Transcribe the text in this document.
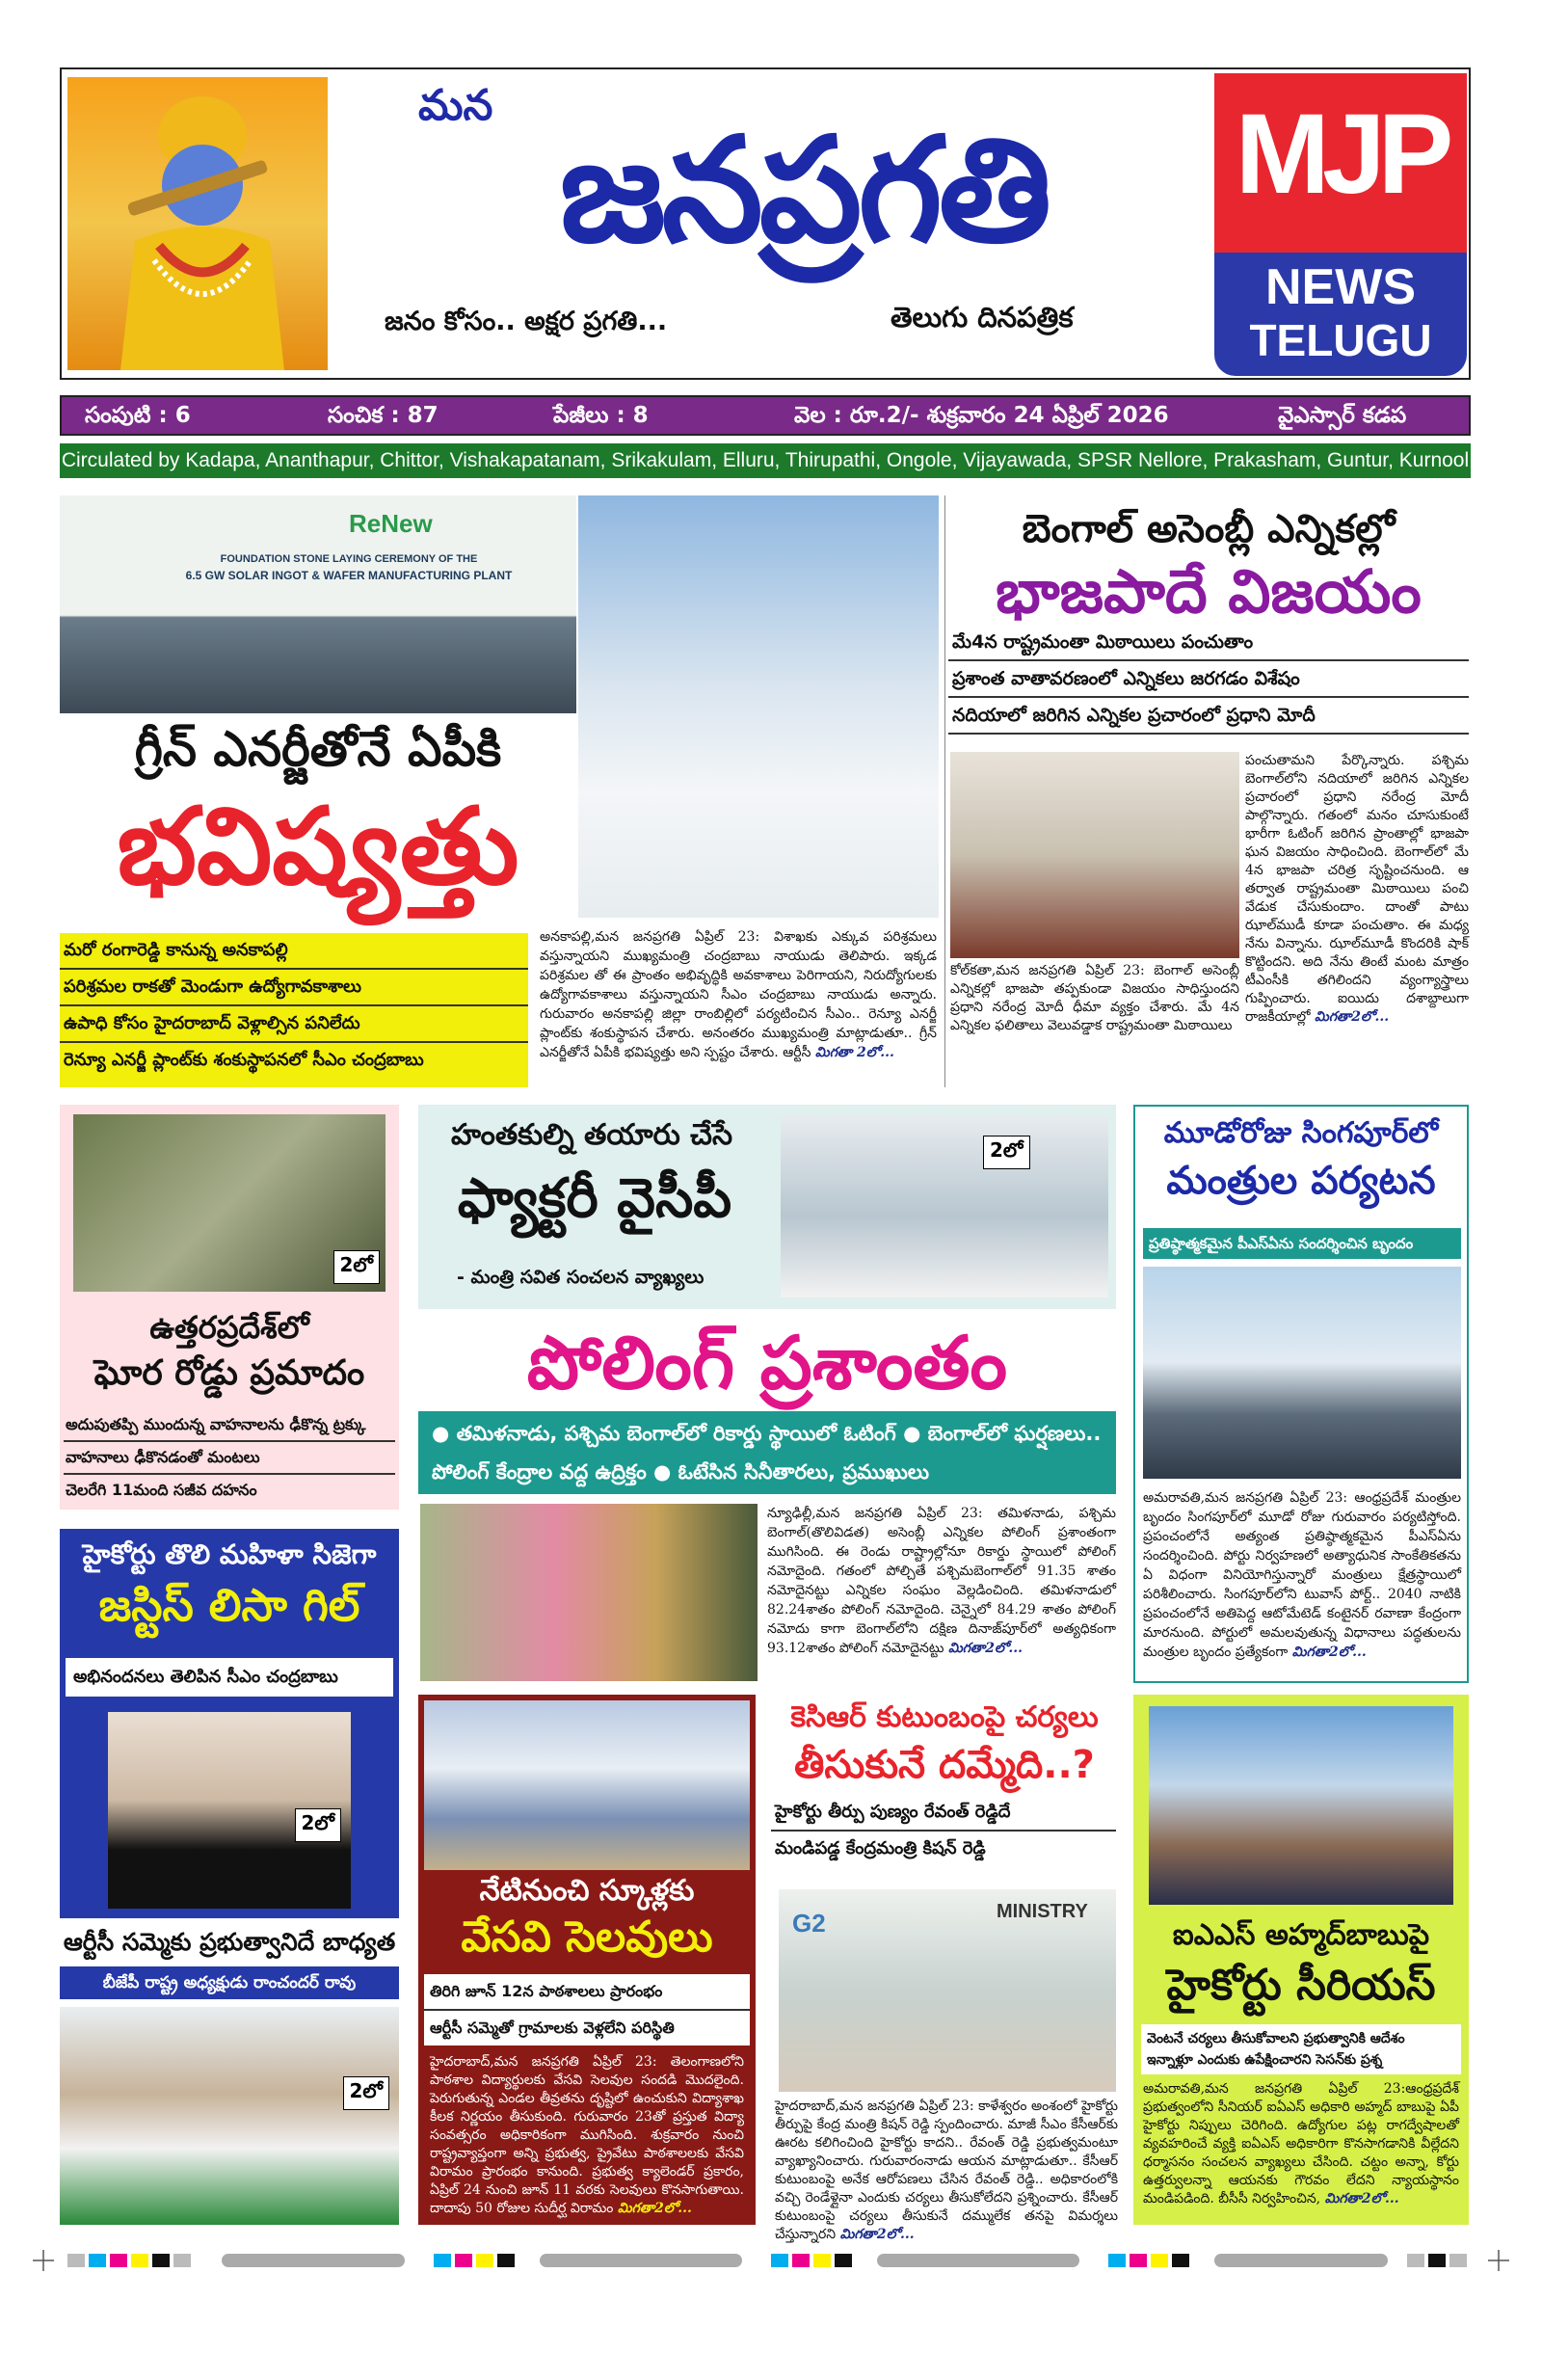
మన
జనప్రగతి
జనం కోసం.. అక్షర ప్రగతి...	తెలుగు దినపత్రిక
MJP
NEWS
TELUGU
సంపుటి : 6	సంచిక : 87	పేజీలు : 8	వెల : రూ.2/- శుక్రవారం 24 ఏప్రిల్ 2026	వైఎస్సార్ కడప
Circulated by Kadapa, Ananthapur, Chittor, Vishakapatanam, Srikakulam, Elluru, Thirupathi, Ongole, Vijayawada, SPSR Nellore, Prakasham, Guntur, Kurnool
ReNew
FOUNDATION STONE LAYING CEREMONY OF THE
6.5 GW SOLAR INGOT & WAFER MANUFACTURING PLANT
గ్రీన్ ఎనర్జీతోనే ఏపీకి
భవిష్యత్తు
మరో రంగారెడ్డి కానున్న అనకాపల్లి
పరిశ్రమల రాకతో మెండుగా ఉద్యోగావకాశాలు
ఉపాధి కోసం హైదరాబాద్ వెళ్లాల్సిన పనిలేదు
రెన్యూ ఎనర్జీ ప్లాంట్‌కు శంకుస్థాపనలో సీఎం చంద్రబాబు
అనకాపల్లి,మన జనప్రగతి ఏప్రిల్ 23: విశాఖకు ఎక్కువ పరిశ్రమలు వస్తున్నాయని ముఖ్యమంత్రి చంద్రబాబు నాయుడు తెలిపారు. ఇక్కడ పరిశ్రమల తో ఈ ప్రాంతం అభివృద్ధికి అవకాశాలు పెరిగాయని, నిరుద్యోగులకు ఉద్యోగావకాశాలు వస్తున్నాయని సీఎం చంద్రబాబు నాయుడు అన్నారు. గురువారం అనకాపల్లి జిల్లా రాంబిల్లిలో పర్యటించిన సీఎం.. రెన్యూ ఎనర్జీ ప్లాంట్‌కు శంకుస్థాపన చేశారు. అనంతరం ముఖ్యమంత్రి మాట్లాడుతూ.. గ్రీన్ ఎనర్జీతోనే ఏపీకి భవిష్యత్తు అని స్పష్టం చేశారు. ఆర్టీసీ మిగతా 2లో...
బెంగాల్ అసెంబ్లీ ఎన్నికల్లో
భాజపాదే విజయం
మే4న రాష్ట్రమంతా మిఠాయిలు పంచుతాం
ప్రశాంత వాతావరణంలో ఎన్నికలు జరగడం విశేషం
నదియాలో జరిగిన ఎన్నికల ప్రచారంలో ప్రధాని మోదీ
కోల్‌కతా,మన జనప్రగతి ఏప్రిల్ 23: బెంగాల్ అసెంబ్లీ ఎన్నికల్లో భాజపా తప్పకుండా విజయం సాధిస్తుందని ప్రధాని నరేంద్ర మోదీ ధీమా వ్యక్తం చేశారు. మే 4న ఎన్నికల ఫలితాలు వెలువడ్డాక రాష్ట్రమంతా మిఠాయిలు
పంచుతామని పేర్కొన్నారు. పశ్చిమ బెంగాల్‌లోని నదియాలో జరిగిన ఎన్నికల ప్రచారంలో ప్రధాని నరేంద్ర మోదీ పాల్గొన్నారు. గతంలో మనం చూసుకుంటే భారీగా ఓటింగ్ జరిగిన ప్రాంతాల్లో భాజపా ఘన విజయం సాధించింది. బెంగాల్‌లో మే 4న భాజపా చరిత్ర సృష్టించనుంది. ఆ తర్వాత రాష్ట్రమంతా మిఠాయిలు పంచి వేడుక చేసుకుందాం. దాంతో పాటు ఝాల్‌ముడీ కూడా పంచుతాం. ఈ మధ్య నేను విన్నాను. ఝాల్‌మూడీ కొందరికి షాక్ కొట్టిందని. అది నేను తింటే మంట మాత్రం టీఎంసీకి తగిలిందని వ్యంగ్యాస్త్రాలు గుప్పించారు. ఐయిదు దశాబ్దాలుగా రాజకీయాల్లో మిగతా2లో...
2లో
ఉత్తరప్రదేశ్‌లో
ఘోర రోడ్డు ప్రమాదం
అదుపుతప్పి ముందున్న వాహనాలను ఢీకొన్న ట్రక్కు
వాహనాలు ఢీకొనడంతో మంటలు
చెలరేగి 11మంది సజీవ దహనం
హంతకుల్ని తయారు చేసే
ఫ్యాక్టరీ వైసీపీ
- మంత్రి సవిత సంచలన వ్యాఖ్యలు
2లో
పోలింగ్ ప్రశాంతం
● తమిళనాడు, పశ్చిమ బెంగాల్‌లో రికార్డు స్థాయిలో ఓటింగ్ ● బెంగాల్‌లో ఘర్షణలు.. పోలింగ్ కేంద్రాల వద్ద ఉద్రిక్తం ● ఓటేసిన సినీతారలు, ప్రముఖులు
న్యూఢిల్లీ,మన జనప్రగతి ఏప్రిల్ 23: తమిళనాడు, పశ్చిమ బెంగాల్(తొలివిడత) అసెంబ్లీ ఎన్నికల పోలింగ్ ప్రశాంతంగా ముగిసింది. ఈ రెండు రాష్ట్రాల్లోనూ రికార్డు స్థాయిలో పోలింగ్ నమోదైంది. గతంలో పోల్చితే పశ్చిమబెంగాల్‌లో 91.35 శాతం నమోదైనట్టు ఎన్నికల సంఘం వెల్లడించింది. తమిళనాడులో 82.24శాతం పోలింగ్ నమోదైంది. చెన్నైలో 84.29 శాతం పోలింగ్ నమోదు కాగా బెంగాల్‌లోని దక్షిణ దినాజ్‌పూర్‌లో అత్యధికంగా 93.12శాతం పోలింగ్ నమోదైనట్టు మిగతా2లో...
మూడోరోజు సింగపూర్‌లో
మంత్రుల పర్యటన
ప్రతిష్ఠాత్మకమైన పీఎస్ఏను సందర్శించిన బృందం
అమరావతి,మన జనప్రగతి ఏప్రిల్ 23: ఆంధ్రప్రదేశ్ మంత్రుల బృందం సింగపూర్‌లో మూడో రోజు గురువారం పర్యటిస్తోంది. ప్రపంచంలోనే అత్యంత ప్రతిష్ఠాత్మకమైన పీఎస్ఏను సందర్శించింది. పోర్టు నిర్వహణలో అత్యాధునిక సాంకేతికతను ఏ విధంగా వినియోగిస్తున్నారో మంత్రులు క్షేత్రస్థాయిలో పరిశీలించారు. సింగపూర్‌లోని టువాస్ పోర్ట్.. 2040 నాటికి ప్రపంచంలోనే అతిపెద్ద ఆటోమేటెడ్ కంటైనర్ రవాణా కేంద్రంగా మారనుంది. పోర్టులో అమలవుతున్న విధానాలు పద్ధతులను మంత్రుల బృందం ప్రత్యేకంగా మిగతా2లో...
హైకోర్టు తొలి మహిళా సిజెగా
జస్టిస్ లిసా గిల్
అభినందనలు తెలిపిన సీఎం చంద్రబాబు
2లో
నేటినుంచి స్కూళ్లకు
వేసవి సెలవులు
తిరిగి జూన్ 12న పాఠశాలలు ప్రారంభం
ఆర్టీసీ సమ్మెతో గ్రామాలకు వెళ్లలేని పరిస్థితి
హైదరాబాద్,మన జనప్రగతి ఏప్రిల్ 23: తెలంగాణలోని పాఠశాల విద్యార్థులకు వేసవి సెలవుల సందడి మొదలైంది. పెరుగుతున్న ఎండల తీవ్రతను దృష్టిలో ఉంచుకుని విద్యాశాఖ కీలక నిర్ణయం తీసుకుంది. గురువారం 23తో ప్రస్తుత విద్యా సంవత్సరం అధికారికంగా ముగిసింది. శుక్రవారం నుంచి రాష్ట్రవ్యాప్తంగా అన్ని ప్రభుత్వ, ప్రైవేటు పాఠశాలలకు వేసవి విరామం ప్రారంభం కానుంది. ప్రభుత్వ క్యాలెండర్ ప్రకారం, ఏప్రిల్ 24 నుంచి జూన్ 11 వరకు సెలవులు కొనసాగుతాయి. దాదాపు 50 రోజుల సుదీర్ఘ విరామం మిగతా2లో...
కెసిఆర్ కుటుంబంపై చర్యలు
తీసుకునే దమ్మేది..?
హైకోర్టు తీర్పు పుణ్యం రేవంత్ రెడ్డిదే
మండిపడ్డ కేంద్రమంత్రి కిషన్ రెడ్డి
MINISTRY
G2
హైదరాబాద్,మన జనప్రగతి ఏప్రిల్ 23: కాళేశ్వరం అంశంలో హైకోర్టు తీర్పుపై కేంద్ర మంత్రి కిషన్ రెడ్డి స్పందించారు. మాజీ సీఎం కేసీఆర్‌కు ఊరట కలిగించింది హైకోర్టు కాదని.. రేవంత్ రెడ్డి ప్రభుత్వమంటూ వ్యాఖ్యానించారు. గురువారంనాడు ఆయన మాట్లాడుతూ.. కేసీఆర్ కుటుంబంపై అనేక ఆరోపణలు చేసిన రేవంత్ రెడ్డి.. అధికారంలోకి వచ్చి రెండేళ్లైనా ఎందుకు చర్యలు తీసుకోలేదని ప్రశ్నించారు. కేసీఆర్ కుటుంబంపై చర్యలు తీసుకునే దమ్ములేక తనపై విమర్శలు చేస్తున్నారని మిగతా2లో...
ఐఎఎస్ అహ్మద్‌బాబుపై
హైకోర్టు సీరియస్
వెంటనే చర్యలు తీసుకోవాలని ప్రభుత్వానికి ఆదేశం
ఇన్నాళ్లూ ఎందుకు ఉపేక్షించారని సెసన్‌కు ప్రశ్న
అమరావతి,మన జనప్రగతి ఏప్రిల్ 23:ఆంధ్రప్రదేశ్ ప్రభుత్వంలోని సీనియర్ ఐఏఎస్ అధికారి అహ్మద్ బాబుపై ఏపీ హైకోర్టు నిప్పులు చెరిగింది. ఉద్యోగుల పట్ల రాగద్వేషాలతో వ్యవహరించే వ్యక్తి ఐఏఎస్ అధికారిగా కొనసాగడానికి వీల్లేదని ధర్మాసనం సంచలన వ్యాఖ్యలు చేసింది. చట్టం అన్నా, కోర్టు ఉత్తర్వులన్నా ఆయనకు గౌరవం లేదని న్యాయస్థానం మండిపడింది. బీసీసీ నిర్వహించిన, మిగతా2లో...
ఆర్టీసీ సమ్మెకు ప్రభుత్వానిదే బాధ్యత
బీజేపీ రాష్ట్ర అధ్యక్షుడు రాంచందర్ రావు
2లో
